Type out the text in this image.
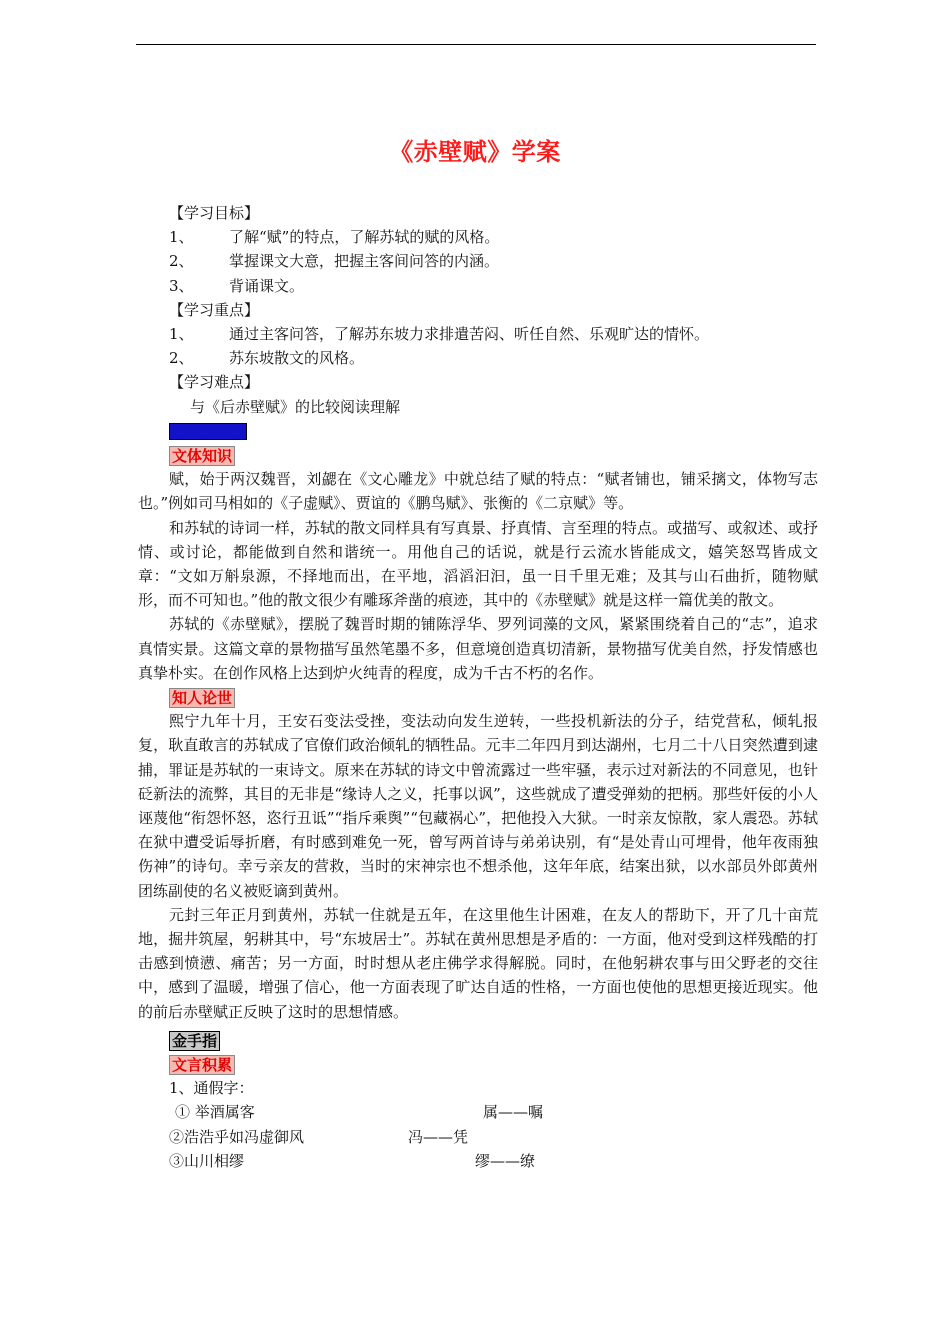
《赤壁赋》学案
【学习目标】
1、 了解“赋”的特点，了解苏轼的赋的风格。
2、 掌握课文大意，把握主客间问答的内涵。
3、 背诵课文。
【学习重点】
1、 通过主客问答，了解苏东坡力求排遣苦闷、听任自然、乐观旷达的情怀。
2、 苏东坡散文的风格。
【学习难点】
与《后赤壁赋》的比较阅读理解
【学习内容】
文体知识

赋，始于两汉魏晋，刘勰在《文心雕龙》中就总结了赋的特点：“赋者铺也，铺采摛文，体物写志也。”例如司马相如的《子虚赋》、贾谊的《鹏鸟赋》、张衡的《二京赋》等。

和苏轼的诗词一样，苏轼的散文同样具有写真景、抒真情、言至理的特点。或描写、或叙述、或抒情、或讨论，都能做到自然和谐统一。用他自己的话说，就是行云流水皆能成文，嬉笑怒骂皆成文章：“文如万斛泉源，不择地而出，在平地，滔滔汩汩，虽一日千里无难；及其与山石曲折，随物赋形，而不可知也。”他的散文很少有雕琢斧凿的痕迹，其中的《赤壁赋》就是这样一篇优美的散文。

苏轼的《赤壁赋》，摆脱了魏晋时期的铺陈浮华、罗列词藻的文风，紧紧围绕着自己的“志”，追求真情实景。这篇文章的景物描写虽然笔墨不多，但意境创造真切清新，景物描写优美自然，抒发情感也真挚朴实。在创作风格上达到炉火纯青的程度，成为千古不朽的名作。

知人论世

熙宁九年十月，王安石变法受挫，变法动向发生逆转，一些投机新法的分子，结党营私，倾轧报复，耿直敢言的苏轼成了官僚们政治倾轧的牺牲品。元丰二年四月到达湖州，七月二十八日突然遭到逮捕，罪证是苏轼的一束诗文。原来在苏轼的诗文中曾流露过一些牢骚，表示过对新法的不同意见，也针砭新法的流弊，其目的无非是“缘诗人之义，托事以讽”，这些就成了遭受弹劾的把柄。那些奸佞的小人诬蔑他“衔怨怀怒，恣行丑诋”“指斥乘舆”“包藏祸心”，把他投入大狱。一时亲友惊散，家人震恐。苏轼在狱中遭受诟辱折磨，有时感到难免一死，曾写两首诗与弟弟诀别，有“是处青山可埋骨，他年夜雨独伤神”的诗句。幸亏亲友的营救，当时的宋神宗也不想杀他，这年年底，结案出狱，以水部员外郎黄州团练副使的名义被贬谪到黄州。

元封三年正月到黄州，苏轼一住就是五年，在这里他生计困难，在友人的帮助下，开了几十亩荒地，掘井筑屋，躬耕其中，号“东坡居士”。苏轼在黄州思想是矛盾的：一方面，他对受到这样残酷的打击感到愤懑、痛苦；另一方面，时时想从老庄佛学求得解脱。同时，在他躬耕农事与田父野老的交往中，感到了温暖，增强了信心，他一方面表现了旷达自适的性格，一方面也使他的思想更接近现实。他的前后赤壁赋正反映了这时的思想情感。

金手指
文言积累
1、通假字：
① 举酒属客	属——嘱
②浩浩乎如冯虚御风	冯——凭
③山川相缪	缪——缭
